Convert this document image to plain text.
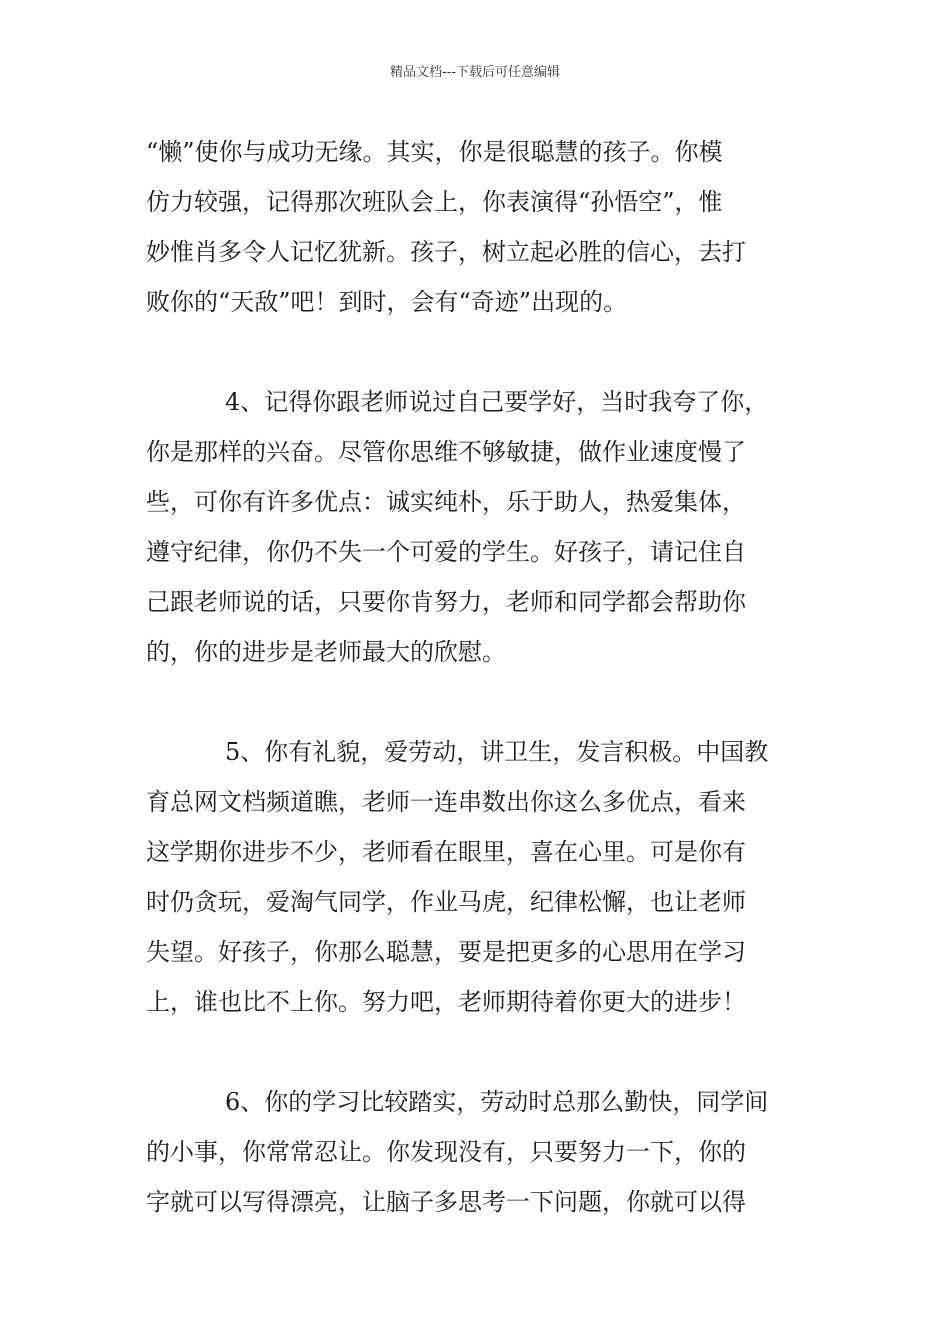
精品文档---下载后可任意编辑
“懒”使你与成功无缘。其实，你是很聪慧的孩子。你模
仿力较强，记得那次班队会上，你表演得“孙悟空”，惟
妙惟肖多令人记忆犹新。孩子，树立起必胜的信心，去打
败你的“天敌”吧！到时，会有“奇迹”出现的。
4、记得你跟老师说过自己要学好，当时我夸了你，
你是那样的兴奋。尽管你思维不够敏捷，做作业速度慢了
些，可你有许多优点：诚实纯朴，乐于助人，热爱集体，
遵守纪律，你仍不失一个可爱的学生。好孩子，请记住自
己跟老师说的话，只要你肯努力，老师和同学都会帮助你
的，你的进步是老师最大的欣慰。
5、你有礼貌，爱劳动，讲卫生，发言积极。中国教
育总网文档频道瞧，老师一连串数出你这么多优点，看来
这学期你进步不少，老师看在眼里，喜在心里。可是你有
时仍贪玩，爱淘气同学，作业马虎，纪律松懈，也让老师
失望。好孩子，你那么聪慧，要是把更多的心思用在学习
上，谁也比不上你。努力吧，老师期待着你更大的进步！
6、你的学习比较踏实，劳动时总那么勤快，同学间
的小事，你常常忍让。你发现没有，只要努力一下，你的
字就可以写得漂亮，让脑子多思考一下问题，你就可以得
